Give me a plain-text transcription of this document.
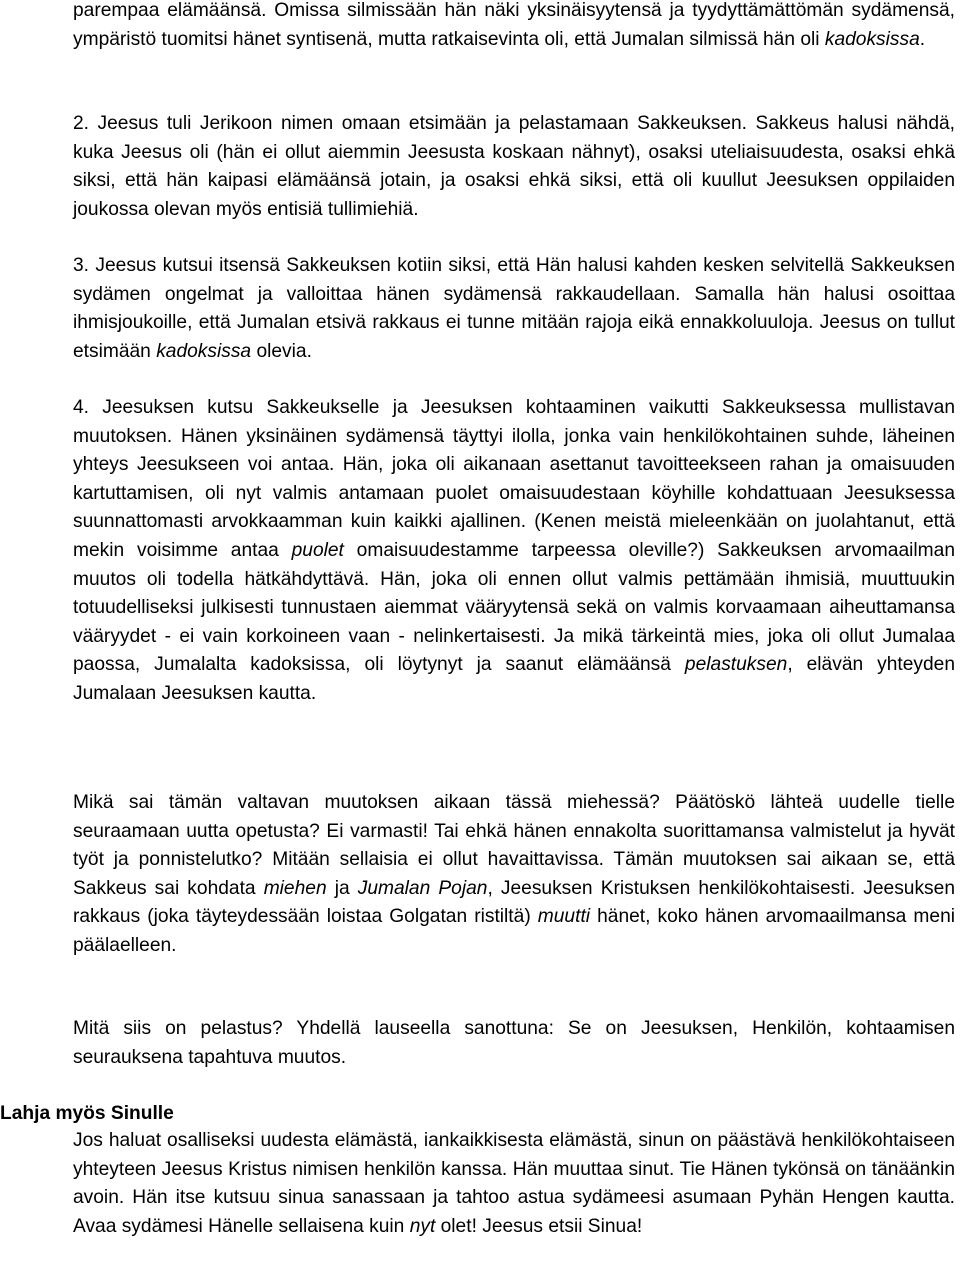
parempaa elämäänsä. Omissa silmissään hän näki yksinäisyytensä ja tyydyttämättömän sydämensä, ympäristö tuomitsi hänet syntisenä, mutta ratkaisevinta oli, että Jumalan silmissä hän oli kadoksissa.

2. Jeesus tuli Jerikoon nimen omaan etsimään ja pelastamaan Sakkeuksen. Sakkeus halusi nähdä, kuka Jeesus oli (hän ei ollut aiemmin Jeesusta koskaan nähnyt), osaksi uteliaisuudesta, osaksi ehkä siksi, että hän kaipasi elämäänsä jotain, ja osaksi ehkä siksi, että oli kuullut Jeesuksen oppilaiden joukossa olevan myös entisiä tullimiehiä.

3. Jeesus kutsui itsensä Sakkeuksen kotiin siksi, että Hän halusi kahden kesken selvitellä Sakkeuksen sydämen ongelmat ja valloittaa hänen sydämensä rakkaudellaan. Samalla hän halusi osoittaa ihmisjoukoille, että Jumalan etsivä rakkaus ei tunne mitään rajoja eikä ennakkoluuloja. Jeesus on tullut etsimään kadoksissa olevia.

4. Jeesuksen kutsu Sakkeukselle ja Jeesuksen kohtaaminen vaikutti Sakkeuksessa mullistavan muutoksen. Hänen yksinäinen sydämensä täyttyi ilolla, jonka vain henkilökohtainen suhde, läheinen yhteys Jeesukseen voi antaa. Hän, joka oli aikanaan asettanut tavoitteekseen rahan ja omaisuuden kartuttamisen, oli nyt valmis antamaan puolet omaisuudestaan köyhille kohdattuaan Jeesuksessa suunnattomasti arvokkaamman kuin kaikki ajallinen. (Kenen meistä mieleenkään on juolahtanut, että mekin voisimme antaa puolet omaisuudestamme tarpeessa oleville?) Sakkeuksen arvomaailman muutos oli todella hätkähdyttävä. Hän, joka oli ennen ollut valmis pettämään ihmisiä, muuttuukin totuudelliseksi julkisesti tunnustaen aiemmat vääryytensä sekä on valmis korvaamaan aiheuttamansa vääryydet - ei vain korkoineen vaan - nelinkertaisesti. Ja mikä tärkeintä mies, joka oli ollut Jumalaa paossa, Jumalalta kadoksissa, oli löytynyt ja saanut elämäänsä pelastuksen, elävän yhteyden Jumalaan Jeesuksen kautta.

Mikä sai tämän valtavan muutoksen aikaan tässä miehessä? Päätöskö lähteä uudelle tielle seuraamaan uutta opetusta? Ei varmasti! Tai ehkä hänen ennakolta suorittamansa valmistelut ja hyvät työt ja ponnistelutko? Mitään sellaisia ei ollut havaittavissa. Tämän muutoksen sai aikaan se, että Sakkeus sai kohdata miehen ja Jumalan Pojan, Jeesuksen Kristuksen henkilökohtaisesti. Jeesuksen rakkaus (joka täyteydessään loistaa Golgatan ristiltä) muutti hänet, koko hänen arvomaailmansa meni päälaelleen.

Mitä siis on pelastus? Yhdellä lauseella sanottuna: Se on Jeesuksen, Henkilön, kohtaamisen seurauksena tapahtuva muutos.

Lahja myös Sinulle

Jos haluat osalliseksi uudesta elämästä, iankaikkisesta elämästä, sinun on päästävä henkilökohtaiseen yhteyteen Jeesus Kristus nimisen henkilön kanssa. Hän muuttaa sinut. Tie Hänen tykönsä on tänäänkin avoin. Hän itse kutsuu sinua sanassaan ja tahtoo astua sydämeesi asumaan Pyhän Hengen kautta. Avaa sydämesi Hänelle sellaisena kuin nyt olet! Jeesus etsii Sinua!
